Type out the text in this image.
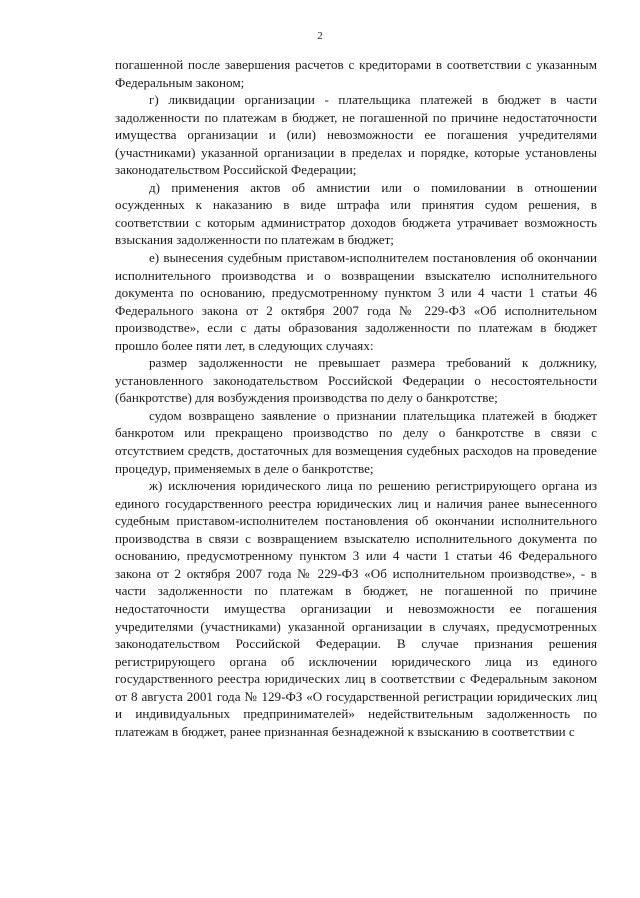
2

погашенной после завершения расчетов с кредиторами в соответствии с указанным Федеральным законом;

г) ликвидации организации - плательщика платежей в бюджет в части задолженности по платежам в бюджет, не погашенной по причине недостаточности имущества организации и (или) невозможности ее погашения учредителями (участниками) указанной организации в пределах и порядке, которые установлены законодательством Российской Федерации;

д) применения актов об амнистии или о помиловании в отношении осужденных к наказанию в виде штрафа или принятия судом решения, в соответствии с которым администратор доходов бюджета утрачивает возможность взыскания задолженности по платежам в бюджет;

е) вынесения судебным приставом-исполнителем постановления об окончании исполнительного производства и о возвращении взыскателю исполнительного документа по основанию, предусмотренному пунктом 3 или 4 части 1 статьи 46 Федерального закона от 2 октября 2007 года № 229-ФЗ «Об исполнительном производстве», если с даты образования задолженности по платежам в бюджет прошло более пяти лет, в следующих случаях:

размер задолженности не превышает размера требований к должнику, установленного законодательством Российской Федерации о несостоятельности (банкротстве) для возбуждения производства по делу о банкротстве;

судом возвращено заявление о признании плательщика платежей в бюджет банкротом или прекращено производство по делу о банкротстве в связи с отсутствием средств, достаточных для возмещения судебных расходов на проведение процедур, применяемых в деле о банкротстве;

ж) исключения юридического лица по решению регистрирующего органа из единого государственного реестра юридических лиц и наличия ранее вынесенного судебным приставом-исполнителем постановления об окончании исполнительного производства в связи с возвращением взыскателю исполнительного документа по основанию, предусмотренному пунктом 3 или 4 части 1 статьи 46 Федерального закона от 2 октября 2007 года № 229-ФЗ «Об исполнительном производстве», - в части задолженности по платежам в бюджет, не погашенной по причине недостаточности имущества организации и невозможности ее погашения учредителями (участниками) указанной организации в случаях, предусмотренных законодательством Российской Федерации. В случае признания решения регистрирующего органа об исключении юридического лица из единого государственного реестра юридических лиц в соответствии с Федеральным законом от 8 августа 2001 года № 129-ФЗ «О государственной регистрации юридических лиц и индивидуальных предпринимателей» недействительным задолженность по платежам в бюджет, ранее признанная безнадежной к взысканию в соответствии с
